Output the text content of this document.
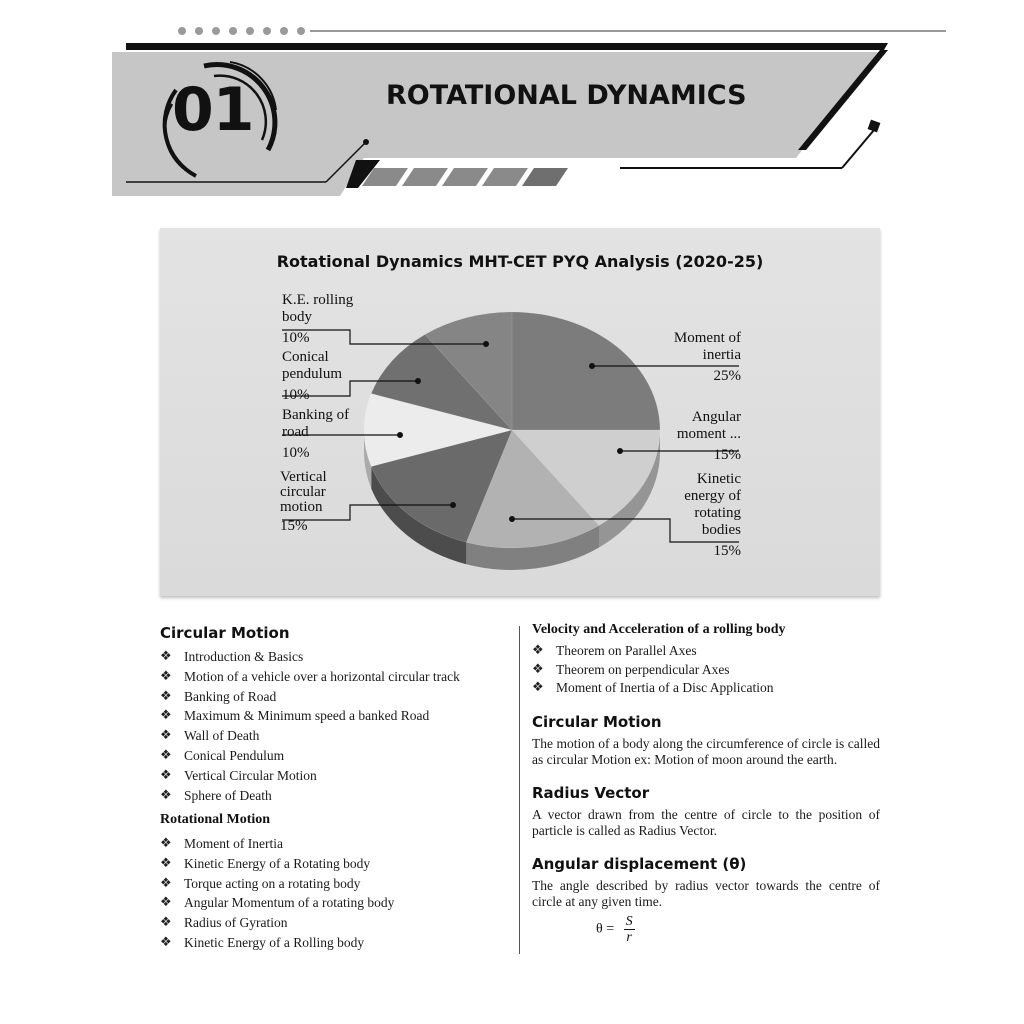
01	ROTATIONAL DYNAMICS
Rotational Dynamics MHT-CET PYQ Analysis (2020-25)
K.E. rolling body
10%
Conical pendulum
10%
Banking of road
10%
Vertical circular motion
15%
Moment of inertia
25%
Angular moment ...
15%
Kinetic energy of rotating bodies
15%
Circular Motion
❖ Introduction & Basics
❖ Motion of a vehicle over a horizontal circular track
❖ Banking of Road
❖ Maximum & Minimum speed a banked Road
❖ Wall of Death
❖ Conical Pendulum
❖ Vertical Circular Motion
❖ Sphere of Death
Rotational Motion
❖ Moment of Inertia
❖ Kinetic Energy of a Rotating body
❖ Torque acting on a rotating body
❖ Angular Momentum of a rotating body
❖ Radius of Gyration
❖ Kinetic Energy of a Rolling body
Velocity and Acceleration of a rolling body
❖ Theorem on Parallel Axes
❖ Theorem on perpendicular Axes
❖ Moment of Inertia of a Disc Application
Circular Motion
The motion of a body along the circumference of circle is called as circular Motion ex: Motion of moon around the earth.
Radius Vector
A vector drawn from the centre of circle to the position of particle is called as Radius Vector.
Angular displacement (θ)
The angle described by radius vector towards the centre of circle at any given time.
$\theta = \frac{S}{r}$
